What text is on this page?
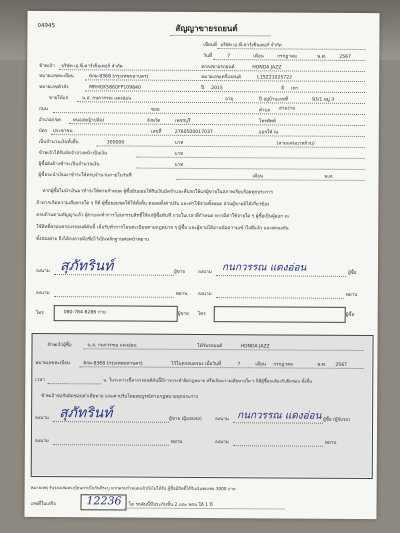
04945	สัญญาขายรถยนต์
เขียนที่ บริษัท เอ.พี.คาร์เซ็นเตอร์ จำกัด
วันที่	7	เดือน	กรกฎาคม	พ.ศ.	2567
ข้าพเจ้า บริษัท เอ.พี.คาร์เซ็นเตอร์ จำกัด	ตกลงขายรถยนต์	HONDA JAZZ
หมายเลขทะเบียน	6กผ-8368 (กรุงเทพมหานคร)	หมายเลขเครื่องยนต์	L15Z21025722
หมายเลขตัวถัง	MRHGK5860FP109840	ปี 2015	สี เทา
ขายให้แก่	น.ส. กนกวรรณ แดงอ่อน	อายุ	ปี อยู่บ้านเลขที่	93/1 หมู่ 3
ถนน	ซอย	ตำบล สามง่าม
อำเภอ/เขต	หนองหญ้าปล้อง	จังหวัด	เพชรบุรี	โทรศัพท์
บัตร ประชาชน	เลขที่	2760500017037	ออกให้ ณ
เป็นจำนวนเงินทั้งสิ้น	300000	บาท	(สามแสนบาทถ้วน)
ข้าพเจ้าได้รับมัดจำล่วงหน้าเป็นเงิน	บาท
ผู้ซื้อยังค้างชำระเป็นจำนวนเงิน	บาท
ผู้ซื้อจะนำเงินมาชำระให้ครบจำนวนภายในวันที่	เดือน	พ.ศ.
หากผู้ซื้อไม่นำเงินมาชำระให้ตามกำหนด ผู้ซื้อยินยอมให้ริบเงินมัดจำและคืนรถให้แก่ผู้ขายในสภาพเรียบร้อยทุกประการ
ถ้าหากเกิดความเสียหายใด ๆ ก็ดี ผู้ซื้อยอมชดใช้ให้ทั้งสิ้น ตลอดทั้งค่าปรับ และค่าใช้จ่ายทั้งหมด ส่วนผู้ขายมิได้เกี่ยวข้อง
ครบถ้วนตามสัญญาแล้ว ผู้ขายจะทำการโอนกรรมสิทธิ์ให้แก่ผู้ซื้อทันที ภายในเวลาที่กำหนด หากมีค่าใช้จ่ายใด ๆ ผู้ซื้อเป็นผู้ออก จะ
ใช้สิทธิ์ครอบครองรถยนต์คันนี้ เมื่อรับทำการโอนทะเบียนตามกฎหมาย ๆ ผู้ซื้อ และผู้ขายได้อ่านข้อความเข้าใจดีแล้ว และตกลงกัน
ทั้งสองฝ่าย จึงได้ลงลายมือชื่อไว้เป็นหลักฐานต่อหน้าพยาน
ลงนาม สุภัทรินท์	ผู้ขาย	ลงนาม กนกวรรณ แดงอ่อน	ผู้ซื้อ
ลงนาม	พยาน ลงนาม	พยาน
โทร	080-784-8286 กาย	ผู้ขาย โทร	ผู้ซื้อ
ข้าพเจ้าผู้ซื้อ	น.ส. กนกวรรณ แดงอ่อน	ได้รับรถยนต์	HONDA JAZZ
หมายเลขทะเบียน	6กผ-8368 (กรุงเทพมหานคร)	ไว้ในครอบครอง เมื่อวันที่	7	เดือน กรกฎาคม	พ.ศ. 2567
เวลา	น. ในระหว่างนี้หากรถยนต์คันนี้มีการกระทำผิดกฎหมาย หรือเกิดความเสียหายใด ๆ ก็ดีผู้ซื้อจะต้องรับผิดชอบ ทั้งสิ้น
ข้าพเจ้าขอรับผิดชอบค่าเสียหาย และค่าปรับโดยสมบูรณ์ตามกฎหมายทุกประการ
ลงนาม สุภัทรินท์	ผู้ขาย (ผู้มอบรถ)	ลงนาม กนกวรรณ แดงอ่อน ผู้ซื้อ (ผู้รับรถ)
ลงนาม	พยาน	ลงนาม	พยาน
หมายเหตุ รับรองเล่มทะเบียนภายในวันที่ระบุ หากครบกำหนดแล้วยังไม่ได้รับ ผู้ซื้อมีสิทธิ์ได้รับเงินชดเชย 3000 บาท
เลขที่ใบเสร็จ	12236 โด รถคันนี้มีประกันชั้น 2 และ พรบ ใต้ 1 ปี
